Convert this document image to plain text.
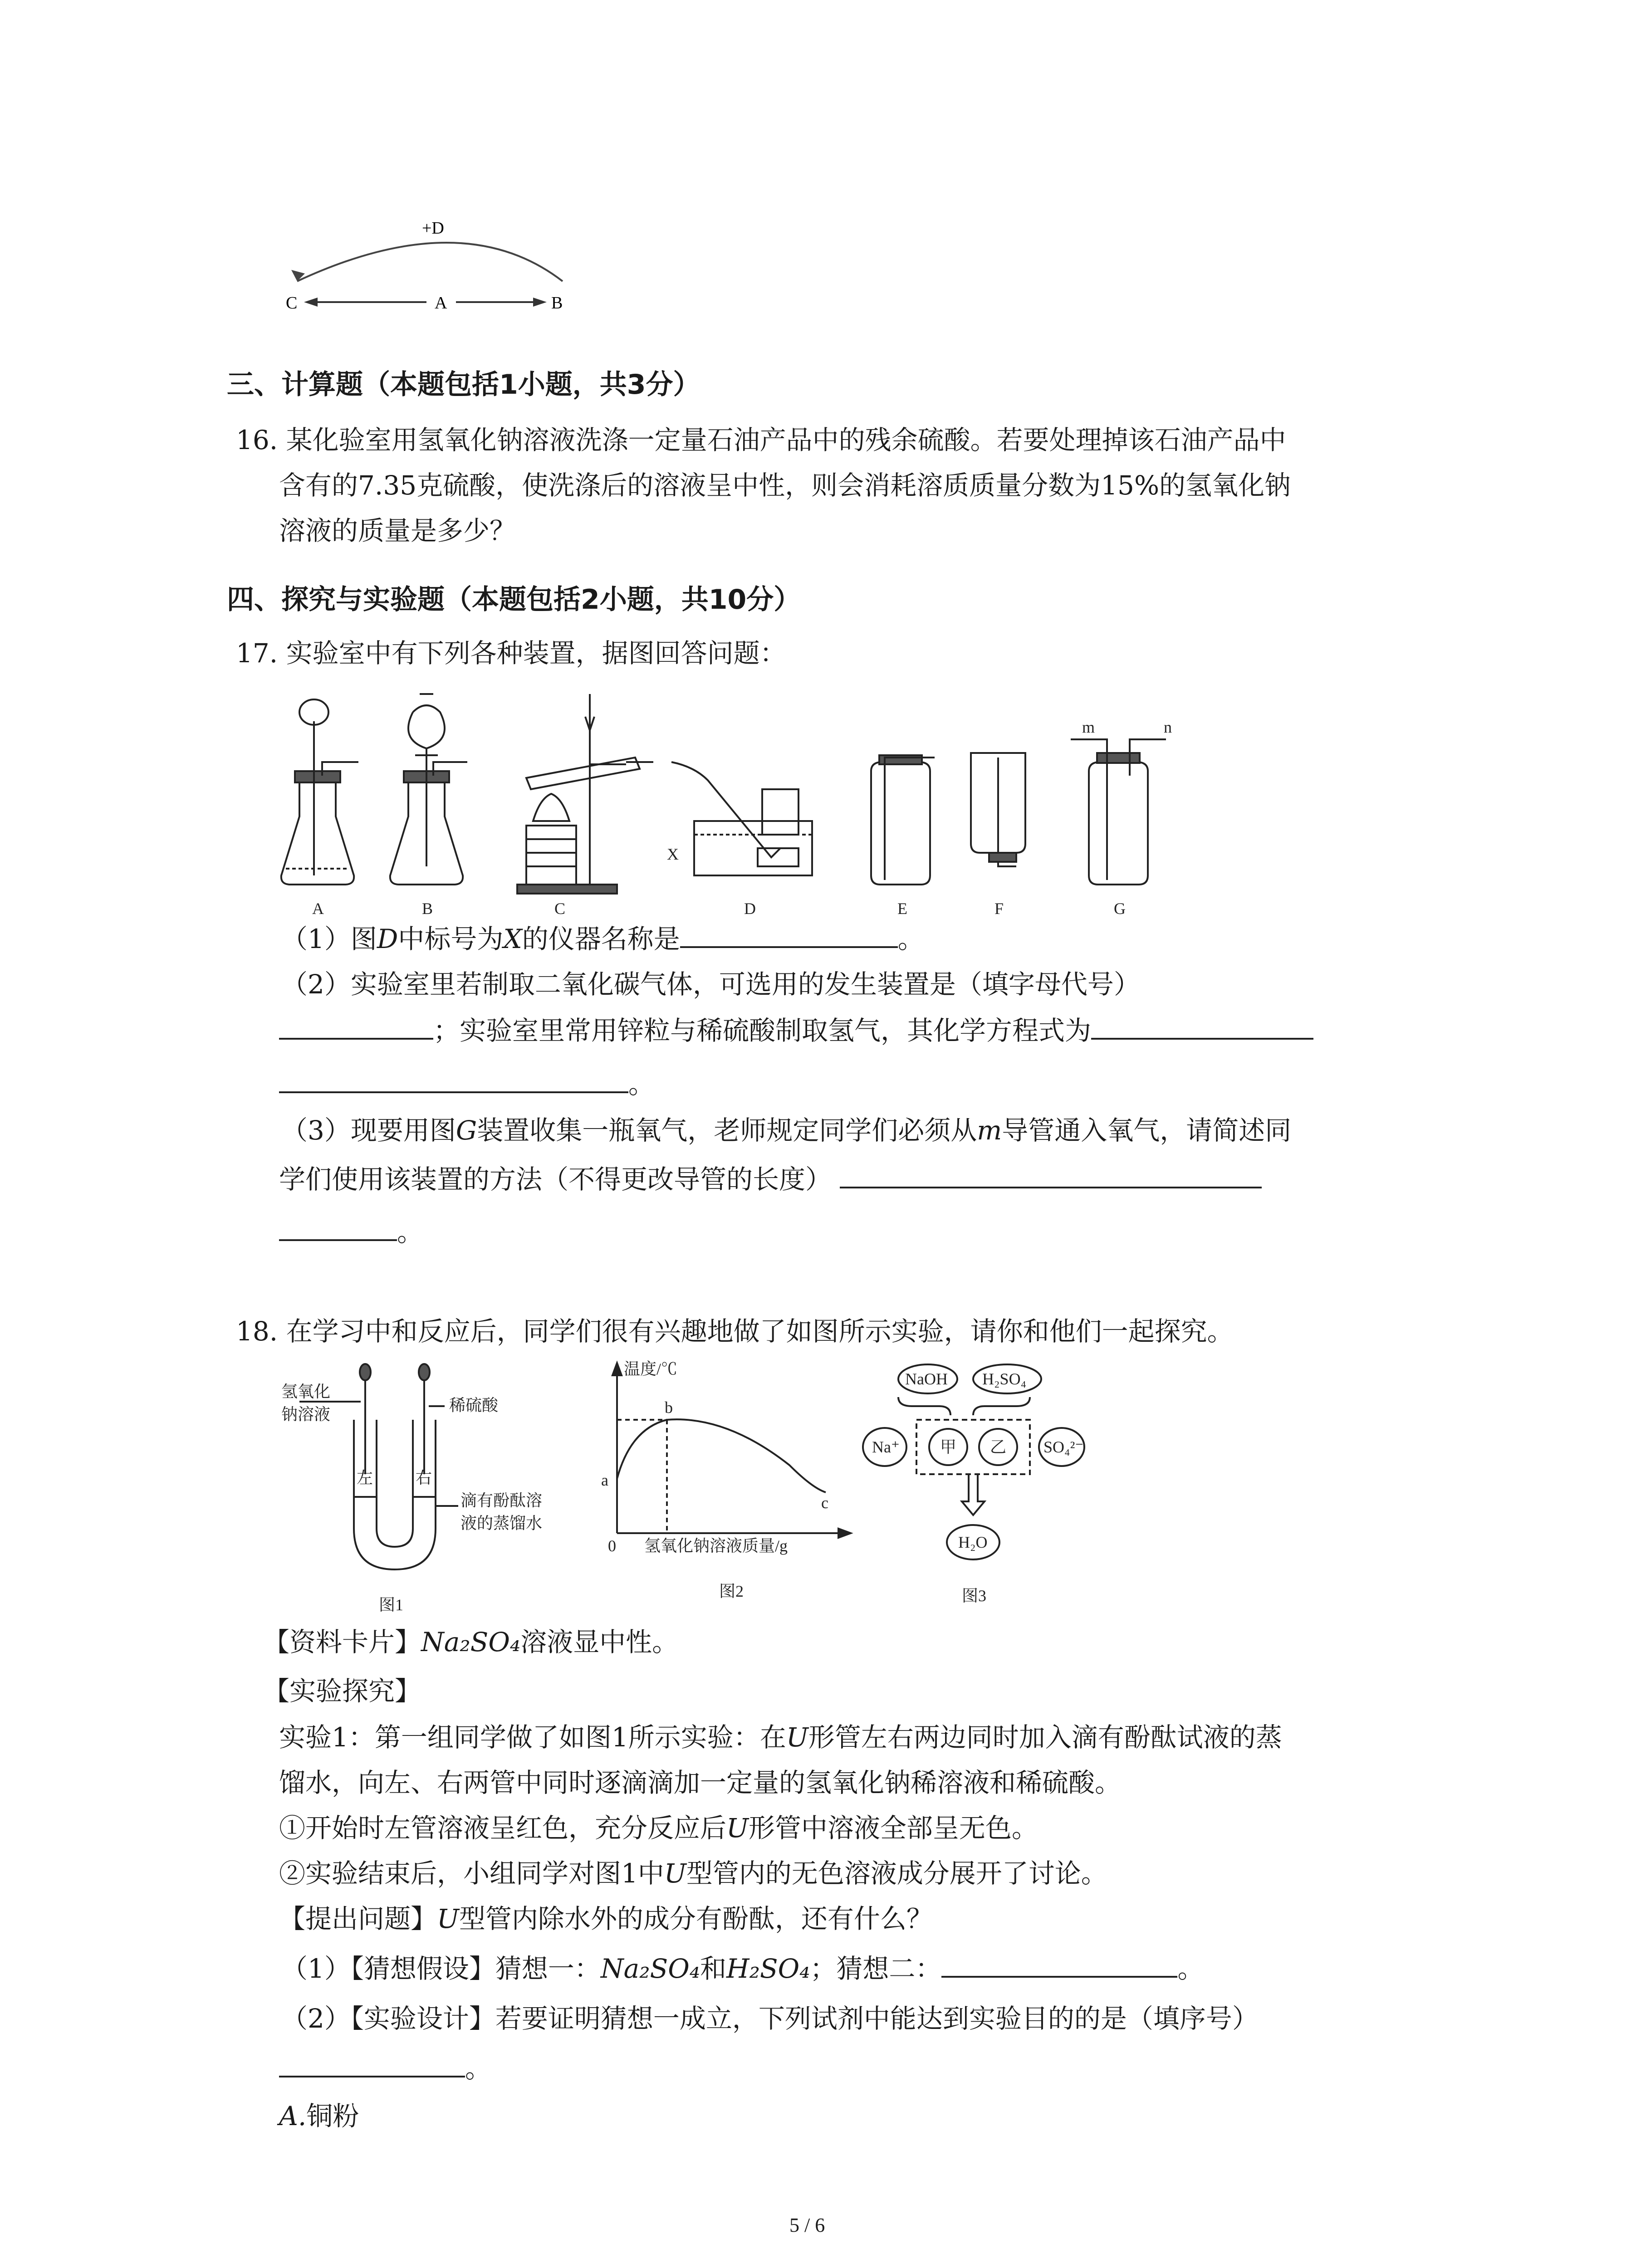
+D
C	A	B
三、计算题（本题包括1小题，共3分）
16. 某化验室用氢氧化钠溶液洗涤一定量石油产品中的残余硫酸。若要处理掉该石油产品中
含有的7.35克硫酸，使洗涤后的溶液呈中性，则会消耗溶质质量分数为15%的氢氧化钠
溶液的质量是多少？
四、探究与实验题（本题包括2小题，共10分）
17. 实验室中有下列各种装置，据图回答问题：
A	B	C	D	E	F	G
X
m	n
（1）图D中标号为X的仪器名称是	。
（2）实验室里若制取二氧化碳气体，可选用的发生装置是（填字母代号）
；实验室里常用锌粒与稀硫酸制取氢气，其化学方程式为
。
（3）现要用图G装置收集一瓶氧气，老师规定同学们必须从m导管通入氧气，请简述同
学们使用该装置的方法（不得更改导管的长度）
。
18. 在学习中和反应后，同学们很有兴趣地做了如图所示实验，请你和他们一起探究。
氢氧化
钠溶液	稀硫酸
左	右
滴有酚酞溶
液的蒸馏水
图1
温度/℃
b
a
c
0 氢氧化钠溶液质量/g
图2
NaOH H₂SO₄
Na⁺ 甲 乙 SO₄²⁻
H₂O
图3
【资料卡片】Na₂SO₄溶液显中性。
【实验探究】
实验1：第一组同学做了如图1所示实验：在U形管左右两边同时加入滴有酚酞试液的蒸
馏水，向左、右两管中同时逐滴滴加一定量的氢氧化钠稀溶液和稀硫酸。
①开始时左管溶液呈红色，充分反应后U形管中溶液全部呈无色。
②实验结束后，小组同学对图1中U型管内的无色溶液成分展开了讨论。
【提出问题】U型管内除水外的成分有酚酞，还有什么？
（1）【猜想假设】猜想一：Na₂SO₄和H₂SO₄；猜想二：	。
（2）【实验设计】若要证明猜想一成立，下列试剂中能达到实验目的的是（填序号）
。
A.铜粉
5 / 6
